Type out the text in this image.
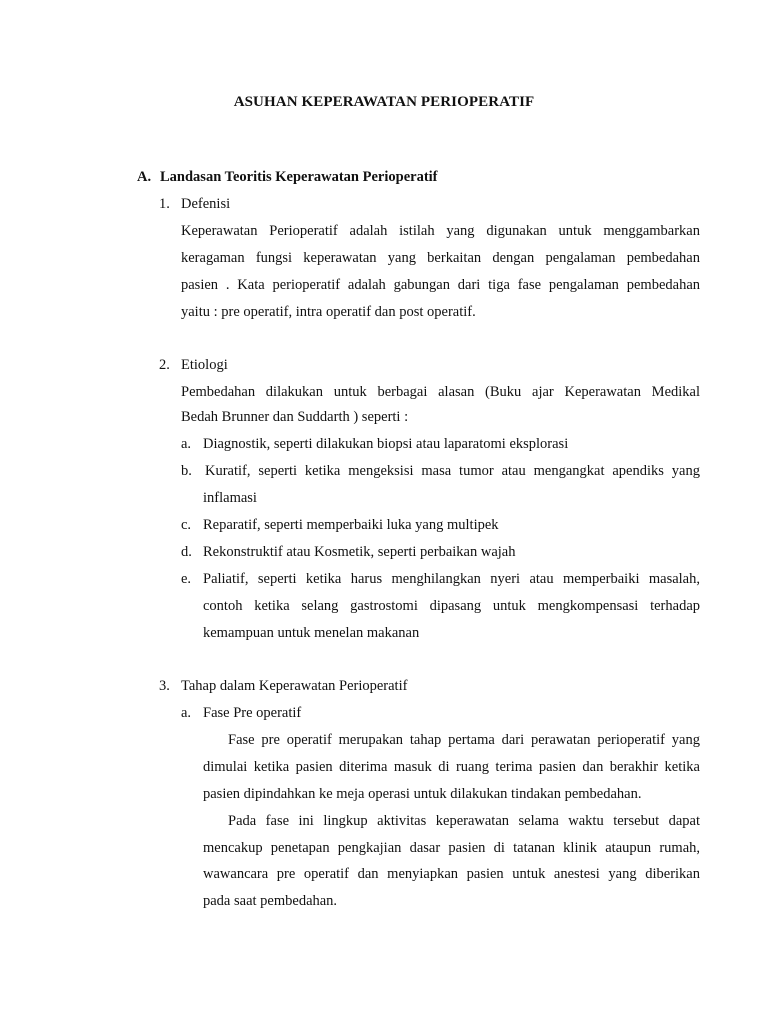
ASUHAN KEPERAWATAN PERIOPERATIF
A. Landasan Teoritis Keperawatan Perioperatif
1. Defenisi
Keperawatan Perioperatif adalah istilah yang digunakan untuk menggambarkan
keragaman fungsi keperawatan yang berkaitan dengan pengalaman pembedahan
pasien . Kata perioperatif adalah gabungan dari tiga fase pengalaman pembedahan
yaitu : pre operatif, intra operatif dan post operatif.
2. Etiologi
Pembedahan dilakukan untuk berbagai alasan (Buku ajar Keperawatan Medikal
Bedah Brunner dan Suddarth ) seperti :
a. Diagnostik, seperti dilakukan biopsi atau laparatomi eksplorasi
b. Kuratif, seperti ketika mengeksisi masa tumor atau mengangkat apendiks yang
inflamasi
c. Reparatif, seperti memperbaiki luka yang multipek
d. Rekonstruktif atau Kosmetik, seperti perbaikan wajah
e. Paliatif, seperti ketika harus menghilangkan nyeri atau memperbaiki masalah,
contoh ketika selang gastrostomi dipasang untuk mengkompensasi terhadap
kemampuan untuk menelan makanan
3. Tahap dalam Keperawatan Perioperatif
a. Fase Pre operatif
Fase pre operatif merupakan tahap pertama dari perawatan perioperatif yang
dimulai ketika pasien diterima masuk di ruang terima pasien dan berakhir ketika
pasien dipindahkan ke meja operasi untuk dilakukan tindakan pembedahan.
Pada fase ini lingkup aktivitas keperawatan selama waktu tersebut dapat
mencakup penetapan pengkajian dasar pasien di tatanan klinik ataupun rumah,
wawancara pre operatif dan menyiapkan pasien untuk anestesi yang diberikan
pada saat pembedahan.
